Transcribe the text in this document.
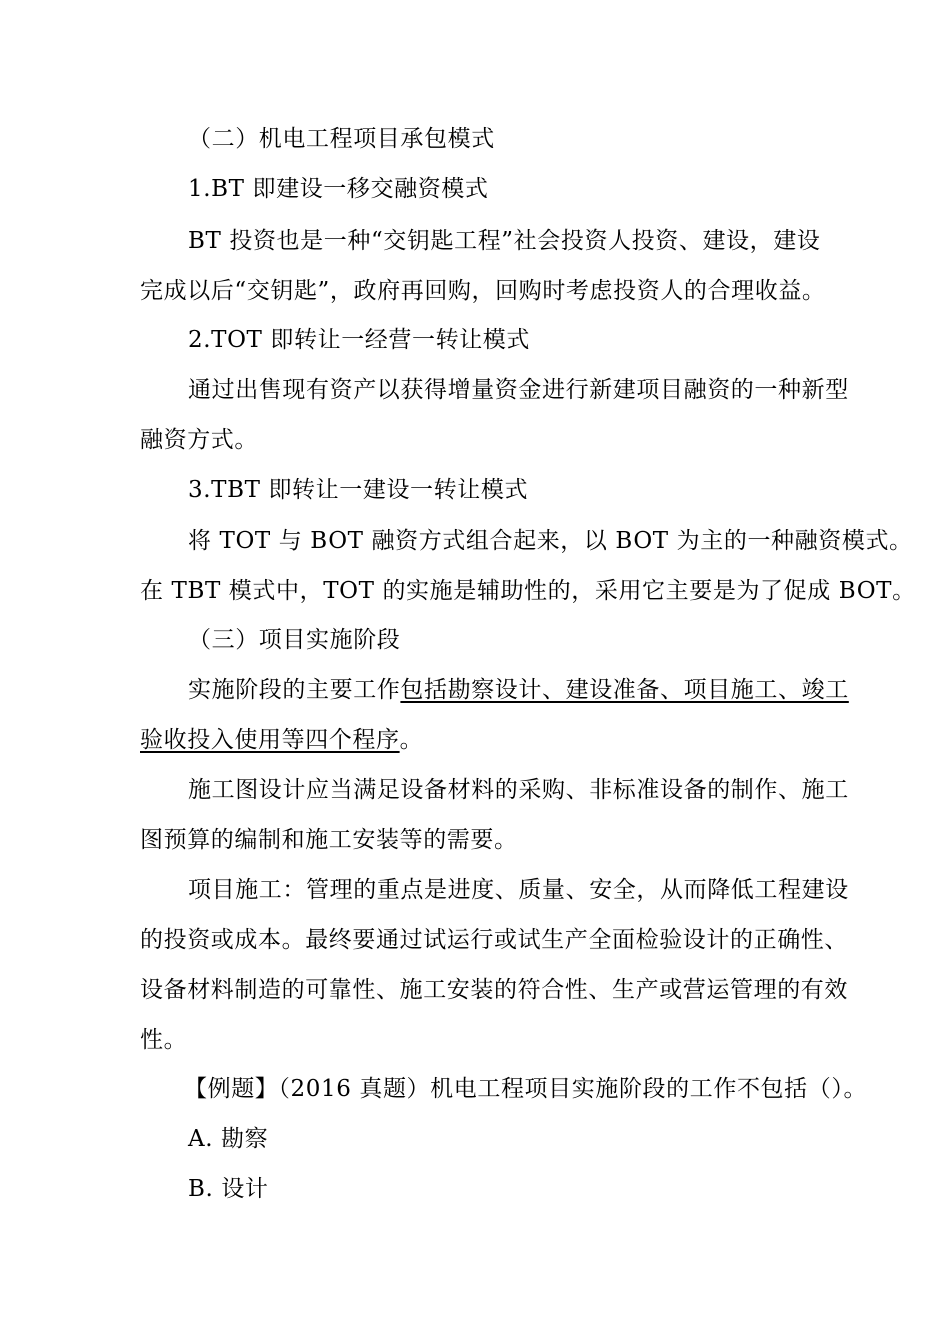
（二）机电工程项目承包模式
1.BT 即建设一移交融资模式
BT 投资也是一种“交钥匙工程”社会投资人投资、建设，建设
完成以后“交钥匙”，政府再回购，回购时考虑投资人的合理收益。
2.TOT 即转让一经营一转让模式
通过出售现有资产以获得增量资金进行新建项目融资的一种新型
融资方式。
3.TBT 即转让一建设一转让模式
将 TOT 与 BOT 融资方式组合起来，以 BOT 为主的一种融资模式。
在 TBT 模式中，TOT 的实施是辅助性的，采用它主要是为了促成 BOT。
（三）项目实施阶段
实施阶段的主要工作包括勘察设计、建设准备、项目施工、竣工
验收投入使用等四个程序。
施工图设计应当满足设备材料的采购、非标准设备的制作、施工
图预算的编制和施工安装等的需要。
项目施工：管理的重点是进度、质量、安全，从而降低工程建设
的投资或成本。最终要通过试运行或试生产全面检验设计的正确性、
设备材料制造的可靠性、施工安装的符合性、生产或营运管理的有效
性。
【例题】（2016 真题）机电工程项目实施阶段的工作不包括（）。
A. 勘察
B. 设计
